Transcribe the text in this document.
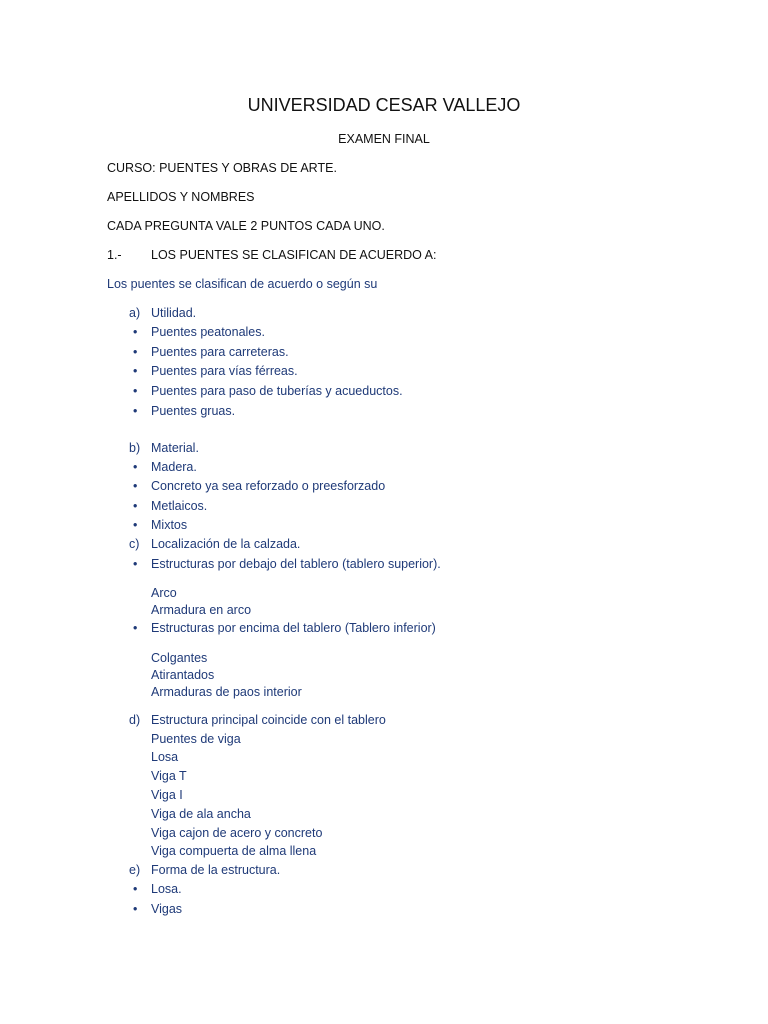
UNIVERSIDAD CESAR VALLEJO
EXAMEN FINAL
CURSO: PUENTES Y OBRAS DE ARTE.
APELLIDOS Y NOMBRES
CADA PREGUNTA VALE 2 PUNTOS CADA UNO.
1.- LOS PUENTES SE CLASIFICAN DE ACUERDO A:
Los puentes se clasifican de acuerdo o según su
a) Utilidad.
• Puentes peatonales.
• Puentes para carreteras.
• Puentes para vías férreas.
• Puentes para paso de tuberías y acueductos.
• Puentes gruas.
b) Material.
• Madera.
• Concreto ya sea reforzado o preesforzado
• Metlaicos.
• Mixtos
c) Localización de la calzada.
• Estructuras por debajo del tablero (tablero superior).
Arco
Armadura en arco
• Estructuras por encima del tablero (Tablero inferior)
Colgantes
Atirantados
Armaduras de paos interior
d) Estructura principal coincide con el tablero
Puentes de viga
Losa
Viga T
Viga I
Viga de ala ancha
Viga cajon de acero y concreto
Viga compuerta de alma llena
e) Forma de la estructura.
• Losa.
• Vigas
